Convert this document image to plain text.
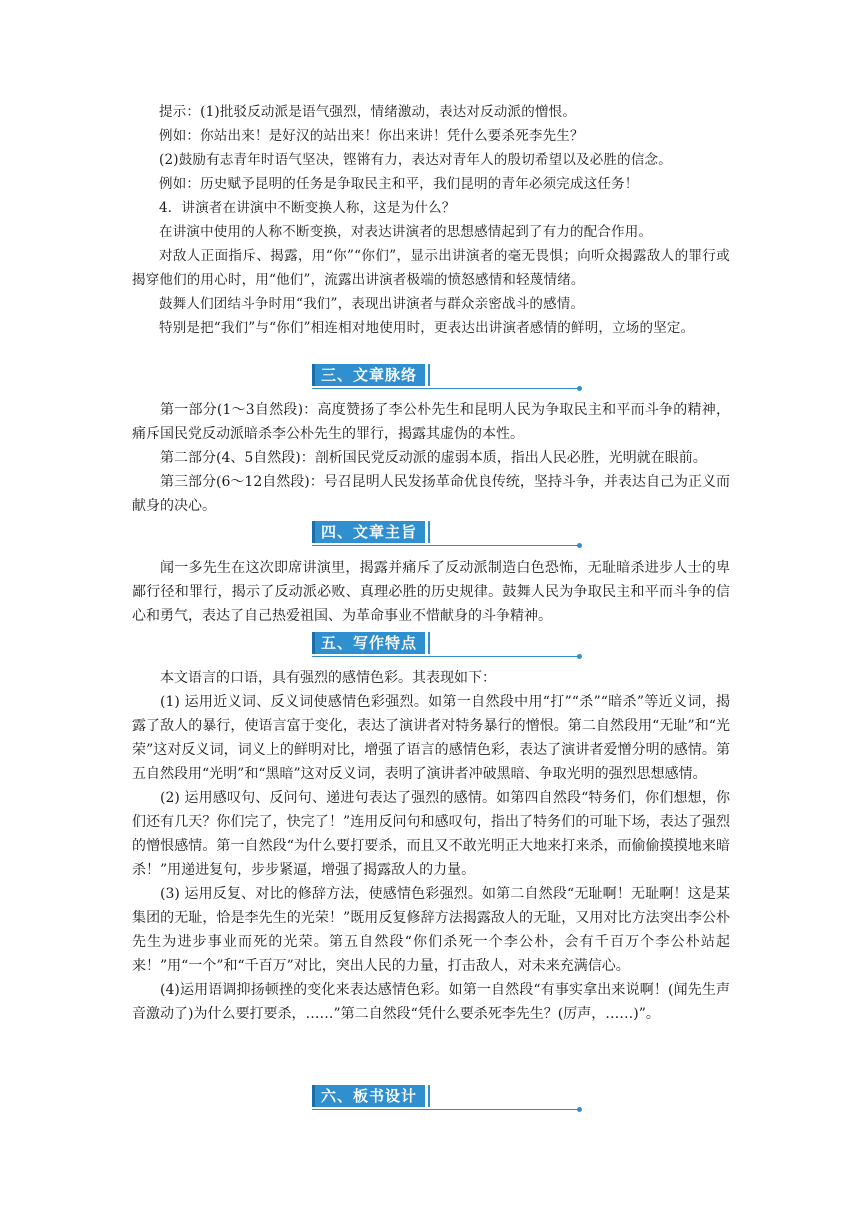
提示：(1)批驳反动派是语气强烈，情绪激动，表达对反动派的憎恨。

例如：你站出来！是好汉的站出来！你出来讲！凭什么要杀死李先生？

(2)鼓励有志青年时语气坚决，铿锵有力，表达对青年人的殷切希望以及必胜的信念。

例如：历史赋予昆明的任务是争取民主和平，我们昆明的青年必须完成这任务！

4．讲演者在讲演中不断变换人称，这是为什么？

在讲演中使用的人称不断变换，对表达讲演者的思想感情起到了有力的配合作用。

对敌人正面指斥、揭露，用“你”“你们”，显示出讲演者的毫无畏惧；向听众揭露敌人的罪行或揭穿他们的用心时，用“他们”，流露出讲演者极端的愤怒感情和轻蔑情绪。

鼓舞人们团结斗争时用“我们”，表现出讲演者与群众亲密战斗的感情。

特别是把“我们”与“你们”相连相对地使用时，更表达出讲演者感情的鲜明，立场的坚定。

三、文章脉络

第一部分(1～3自然段)：高度赞扬了李公朴先生和昆明人民为争取民主和平而斗争的精神，痛斥国民党反动派暗杀李公朴先生的罪行，揭露其虚伪的本性。

第二部分(4、5自然段)：剖析国民党反动派的虚弱本质，指出人民必胜，光明就在眼前。

第三部分(6～12自然段)：号召昆明人民发扬革命优良传统，坚持斗争，并表达自己为正义而献身的决心。

四、文章主旨

闻一多先生在这次即席讲演里，揭露并痛斥了反动派制造白色恐怖，无耻暗杀进步人士的卑鄙行径和罪行，揭示了反动派必败、真理必胜的历史规律。鼓舞人民为争取民主和平而斗争的信心和勇气，表达了自己热爱祖国、为革命事业不惜献身的斗争精神。

五、写作特点

本文语言的口语，具有强烈的感情色彩。其表现如下：

(1) 运用近义词、反义词使感情色彩强烈。如第一自然段中用“打”“杀”“暗杀”等近义词，揭露了敌人的暴行，使语言富于变化，表达了演讲者对特务暴行的憎恨。第二自然段用“无耻”和“光荣”这对反义词，词义上的鲜明对比，增强了语言的感情色彩，表达了演讲者爱憎分明的感情。第五自然段用“光明”和“黑暗”这对反义词，表明了演讲者冲破黑暗、争取光明的强烈思想感情。

(2) 运用感叹句、反问句、递进句表达了强烈的感情。如第四自然段“特务们，你们想想，你们还有几天？你们完了，快完了！”连用反问句和感叹句，指出了特务们的可耻下场，表达了强烈的憎恨感情。第一自然段“为什么要打要杀，而且又不敢光明正大地来打来杀，而偷偷摸摸地来暗杀！”用递进复句，步步紧逼，增强了揭露敌人的力量。

(3) 运用反复、对比的修辞方法，使感情色彩强烈。如第二自然段“无耻啊！无耻啊！这是某集团的无耻，恰是李先生的光荣！”既用反复修辞方法揭露敌人的无耻，又用对比方法突出李公朴先生为进步事业而死的光荣。第五自然段“你们杀死一个李公朴，会有千百万个李公朴站起来！”用“一个”和“千百万”对比，突出人民的力量，打击敌人，对未来充满信心。

(4)运用语调抑扬顿挫的变化来表达感情色彩。如第一自然段“有事实拿出来说啊！(闻先生声音激动了)为什么要打要杀，……”第二自然段“凭什么要杀死李先生？(厉声，……)”。

六、板书设计
